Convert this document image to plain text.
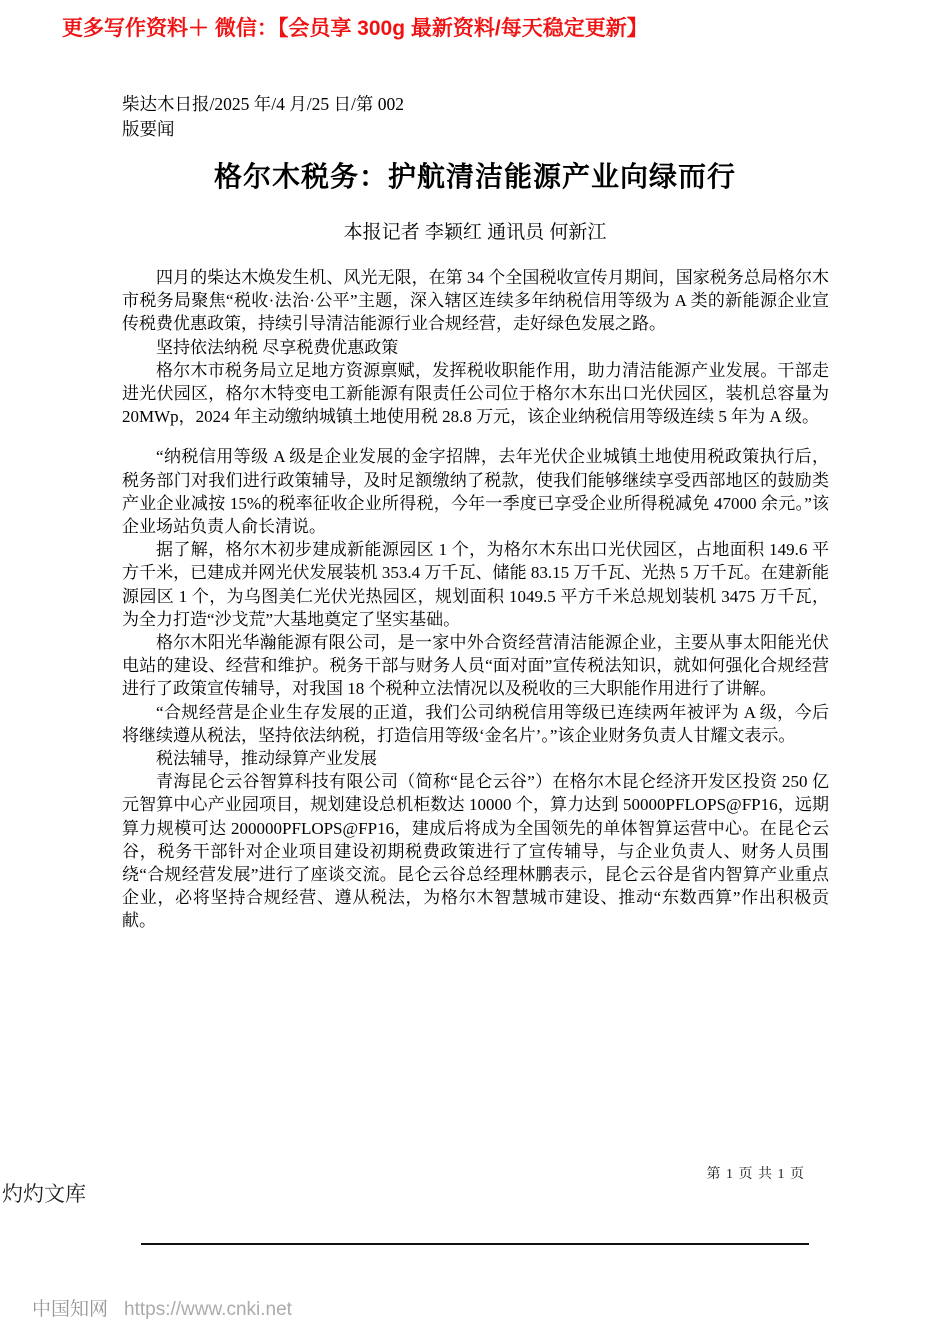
更多写作资料＋ 微信：【会员享 300g 最新资料/每天稳定更新】
柴达木日报/2025 年/4 月/25 日/第 002
版要闻
格尔木税务：护航清洁能源产业向绿而行
本报记者 李颖红 通讯员 何新江

四月的柴达木焕发生机、风光无限，在第 34 个全国税收宣传月期间，国家税务总局格尔木市税务局聚焦“税收·法治·公平”主题，深入辖区连续多年纳税信用等级为 A 类的新能源企业宣传税费优惠政策，持续引导清洁能源行业合规经营，走好绿色发展之路。

坚持依法纳税 尽享税费优惠政策

格尔木市税务局立足地方资源禀赋，发挥税收职能作用，助力清洁能源产业发展。干部走进光伏园区，格尔木特变电工新能源有限责任公司位于格尔木东出口光伏园区，装机总容量为 20MWp，2024 年主动缴纳城镇土地使用税 28.8 万元，该企业纳税信用等级连续 5 年为 A 级。

“纳税信用等级 A 级是企业发展的金字招牌，去年光伏企业城镇土地使用税政策执行后，税务部门对我们进行政策辅导，及时足额缴纳了税款，使我们能够继续享受西部地区的鼓励类产业企业减按 15%的税率征收企业所得税，今年一季度已享受企业所得税减免 47000 余元。”该企业场站负责人俞长清说。

据了解，格尔木初步建成新能源园区 1 个，为格尔木东出口光伏园区，占地面积 149.6 平方千米，已建成并网光伏发展装机 353.4 万千瓦、储能 83.15 万千瓦、光热 5 万千瓦。在建新能源园区 1 个，为乌图美仁光伏光热园区，规划面积 1049.5 平方千米总规划装机 3475 万千瓦，为全力打造“沙戈荒”大基地奠定了坚实基础。

格尔木阳光华瀚能源有限公司，是一家中外合资经营清洁能源企业，主要从事太阳能光伏电站的建设、经营和维护。税务干部与财务人员“面对面”宣传税法知识，就如何强化合规经营进行了政策宣传辅导，对我国 18 个税种立法情况以及税收的三大职能作用进行了讲解。

“合规经营是企业生存发展的正道，我们公司纳税信用等级已连续两年被评为 A 级，今后将继续遵从税法，坚持依法纳税，打造信用等级‘金名片’。”该企业财务负责人甘耀文表示。

税法辅导，推动绿算产业发展

青海昆仑云谷智算科技有限公司（简称“昆仑云谷”）在格尔木昆仑经济开发区投资 250 亿元智算中心产业园项目，规划建设总机柜数达 10000 个，算力达到 50000PFLOPS@FP16，远期算力规模可达 200000PFLOPS@FP16，建成后将成为全国领先的单体智算运营中心。在昆仑云谷，税务干部针对企业项目建设初期税费政策进行了宣传辅导，与企业负责人、财务人员围绕“合规经营发展”进行了座谈交流。昆仑云谷总经理林鹏表示，昆仑云谷是省内智算产业重点企业，必将坚持合规经营、遵从税法，为格尔木智慧城市建设、推动“东数西算”作出积极贡献。

第 1 页 共 1 页
灼灼文库
中国知网 https://www.cnki.net
